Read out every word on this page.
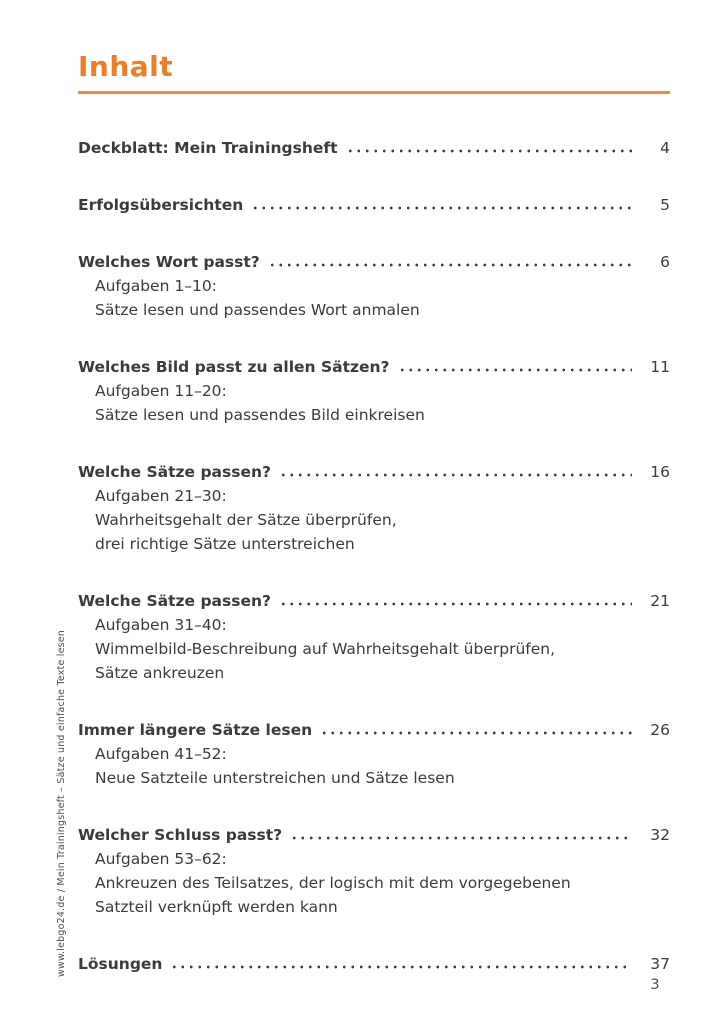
www.lebgo24.de / Mein Trainingsheft – Sätze und einfache Texte lesen
Inhalt
Deckblatt: Mein Trainingsheft	4
Erfolgsübersichten	5
Welches Wort passt?	6
Aufgaben 1–10:
Sätze lesen und passendes Wort anmalen
Welches Bild passt zu allen Sätzen?	11
Aufgaben 11–20:
Sätze lesen und passendes Bild einkreisen
Welche Sätze passen?	16
Aufgaben 21–30:
Wahrheitsgehalt der Sätze überprüfen,
drei richtige Sätze unterstreichen
Welche Sätze passen?	21
Aufgaben 31–40:
Wimmelbild-Beschreibung auf Wahrheitsgehalt überprüfen,
Sätze ankreuzen
Immer längere Sätze lesen	26
Aufgaben 41–52:
Neue Satzteile unterstreichen und Sätze lesen
Welcher Schluss passt?	32
Aufgaben 53–62:
Ankreuzen des Teilsatzes, der logisch mit dem vorgegebenen
Satzteil verknüpft werden kann
Lösungen	37
3
